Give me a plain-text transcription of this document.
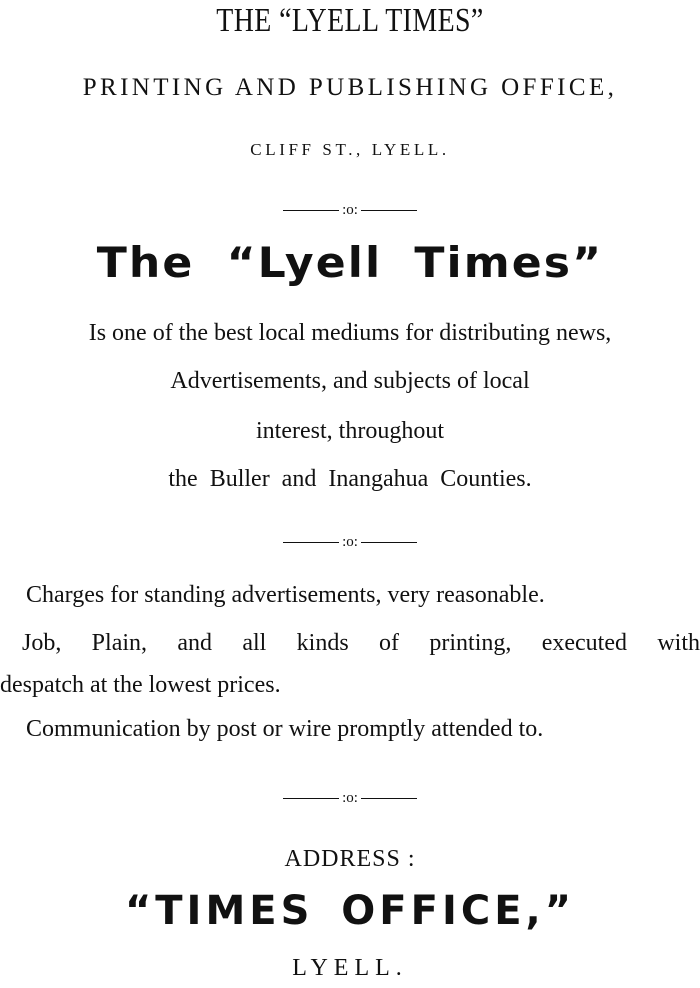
THE “LYELL TIMES”
PRINTING AND PUBLISHING OFFICE,
CLIFF ST., LYELL.
:o:
The “Lyell Times”
Is one of the best local mediums for distributing news,
Advertisements, and subjects of local
interest, throughout
the Buller and Inangahua Counties.
:o:
Charges for standing advertisements, very reasonable.
Job, Plain, and all kinds of printing, executed with
despatch at the lowest prices.
Communication by post or wire promptly attended to.
:o:
ADDRESS :
“TIMES OFFICE,”
LYELL.
